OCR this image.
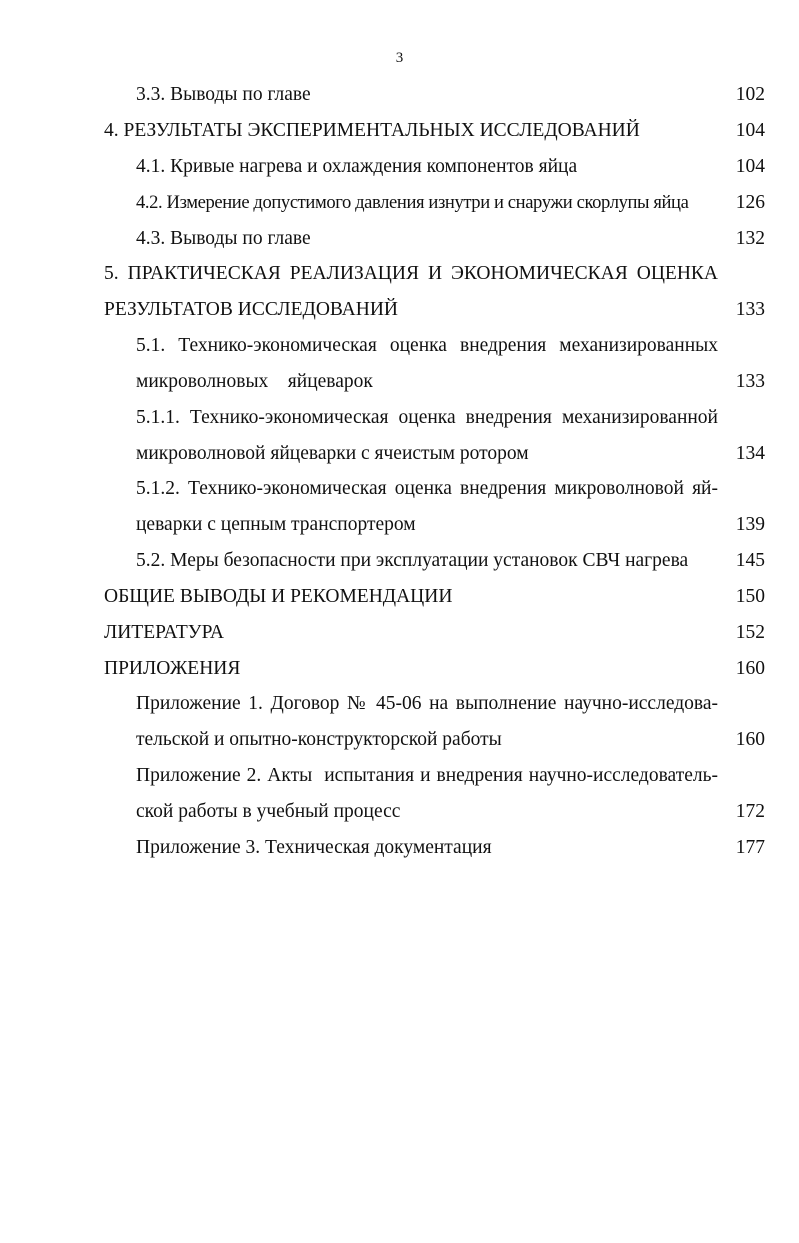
3
3.3. Выводы по главе	102
4. РЕЗУЛЬТАТЫ ЭКСПЕРИМЕНТАЛЬНЫХ ИССЛЕДОВАНИЙ	104
4.1. Кривые нагрева и охлаждения компонентов яйца	104
4.2. Измерение допустимого давления изнутри и снаружи скорлупы яйца 126
4.3. Выводы по главе	132
5. ПРАКТИЧЕСКАЯ РЕАЛИЗАЦИЯ И ЭКОНОМИЧЕСКАЯ ОЦЕНКА
РЕЗУЛЬТАТОВ ИССЛЕДОВАНИЙ	133
5.1. Технико-экономическая оценка внедрения механизированных
микроволновых    яйцеварок	133
5.1.1. Технико-экономическая оценка внедрения механизированной
микроволновой яйцеварки с ячеистым ротором	134
5.1.2. Технико-экономическая оценка внедрения микроволновой яй-
цеварки с цепным транспортером	139
5.2. Меры безопасности при эксплуатации установок СВЧ нагрева 145
ОБЩИЕ ВЫВОДЫ И РЕКОМЕНДАЦИИ	150
ЛИТЕРАТУРА	152
ПРИЛОЖЕНИЯ	160
Приложение 1. Договор № 45-06 на выполнение научно-исследова-
тельской и опытно-конструкторской работы	160
Приложение 2. Акты  испытания и внедрения научно-исследователь-
ской работы в учебный процесс	172
Приложение 3. Техническая документация	177
